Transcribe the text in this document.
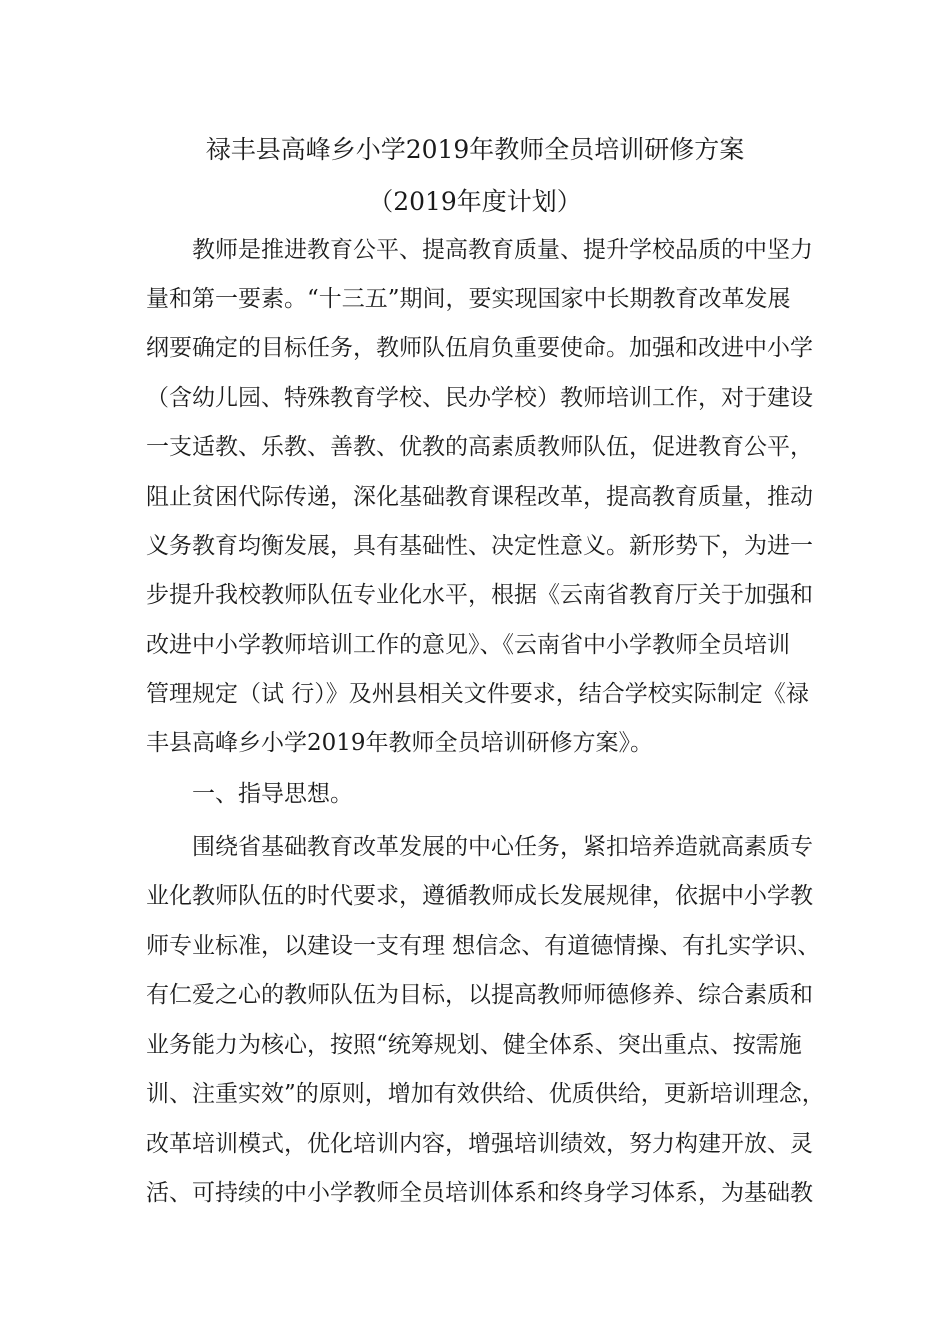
禄丰县高峰乡小学2019年教师全员培训研修方案
（2019年度计划）
教师是推进教育公平、提高教育质量、提升学校品质的中坚力
量和第一要素。“十三五”期间，要实现国家中长期教育改革发展
纲要确定的目标任务，教师队伍肩负重要使命。加强和改进中小学
（含幼儿园、特殊教育学校、民办学校）教师培训工作，对于建设
一支适教、乐教、善教、优教的高素质教师队伍，促进教育公平，
阻止贫困代际传递，深化基础教育课程改革，提高教育质量，推动
义务教育均衡发展，具有基础性、决定性意义。新形势下，为进一
步提升我校教师队伍专业化水平，根据《云南省教育厅关于加强和
改进中小学教师培训工作的意见》、《云南省中小学教师全员培训
管理规定（试 行）》及州县相关文件要求，结合学校实际制定《禄
丰县高峰乡小学2019年教师全员培训研修方案》。
一、指导思想。
围绕省基础教育改革发展的中心任务，紧扣培养造就高素质专
业化教师队伍的时代要求，遵循教师成长发展规律，依据中小学教
师专业标准，以建设一支有理 想信念、有道德情操、有扎实学识、
有仁爱之心的教师队伍为目标，以提高教师师德修养、综合素质和
业务能力为核心，按照“统筹规划、健全体系、突出重点、按需施
训、注重实效”的原则，增加有效供给、优质供给，更新培训理念，
改革培训模式，优化培训内容，增强培训绩效，努力构建开放、灵
活、可持续的中小学教师全员培训体系和终身学习体系，为基础教
